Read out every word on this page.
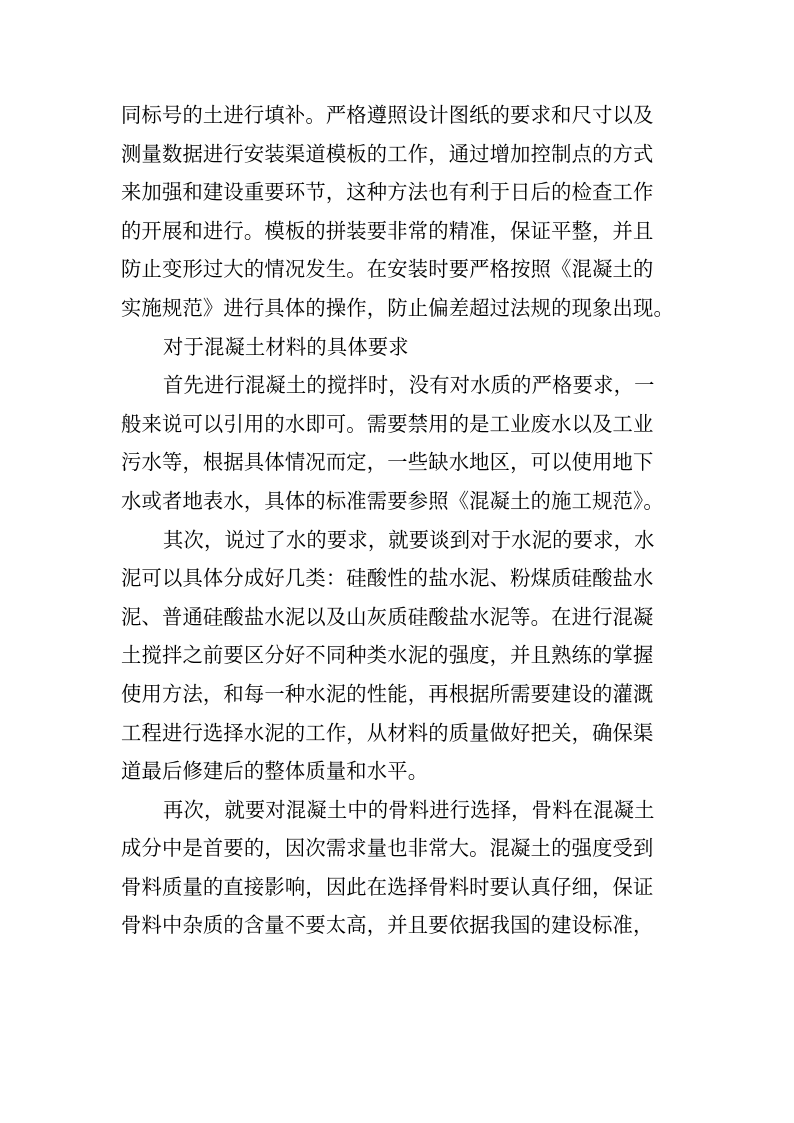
同标号的土进行填补。严格遵照设计图纸的要求和尺寸以及
测量数据进行安装渠道模板的工作，通过增加控制点的方式
来加强和建设重要环节，这种方法也有利于日后的检查工作
的开展和进行。模板的拼装要非常的精准，保证平整，并且
防止变形过大的情况发生。在安装时要严格按照《混凝土的
实施规范》进行具体的操作，防止偏差超过法规的现象出现。
对于混凝土材料的具体要求
首先进行混凝土的搅拌时，没有对水质的严格要求，一
般来说可以引用的水即可。需要禁用的是工业废水以及工业
污水等，根据具体情况而定，一些缺水地区，可以使用地下
水或者地表水，具体的标准需要参照《混凝土的施工规范》。
其次，说过了水的要求，就要谈到对于水泥的要求，水
泥可以具体分成好几类：硅酸性的盐水泥、粉煤质硅酸盐水
泥、普通硅酸盐水泥以及山灰质硅酸盐水泥等。在进行混凝
土搅拌之前要区分好不同种类水泥的强度，并且熟练的掌握
使用方法，和每一种水泥的性能，再根据所需要建设的灌溉
工程进行选择水泥的工作，从材料的质量做好把关，确保渠
道最后修建后的整体质量和水平。
再次，就要对混凝土中的骨料进行选择，骨料在混凝土
成分中是首要的，因次需求量也非常大。混凝土的强度受到
骨料质量的直接影响，因此在选择骨料时要认真仔细，保证
骨料中杂质的含量不要太高，并且要依据我国的建设标准，
